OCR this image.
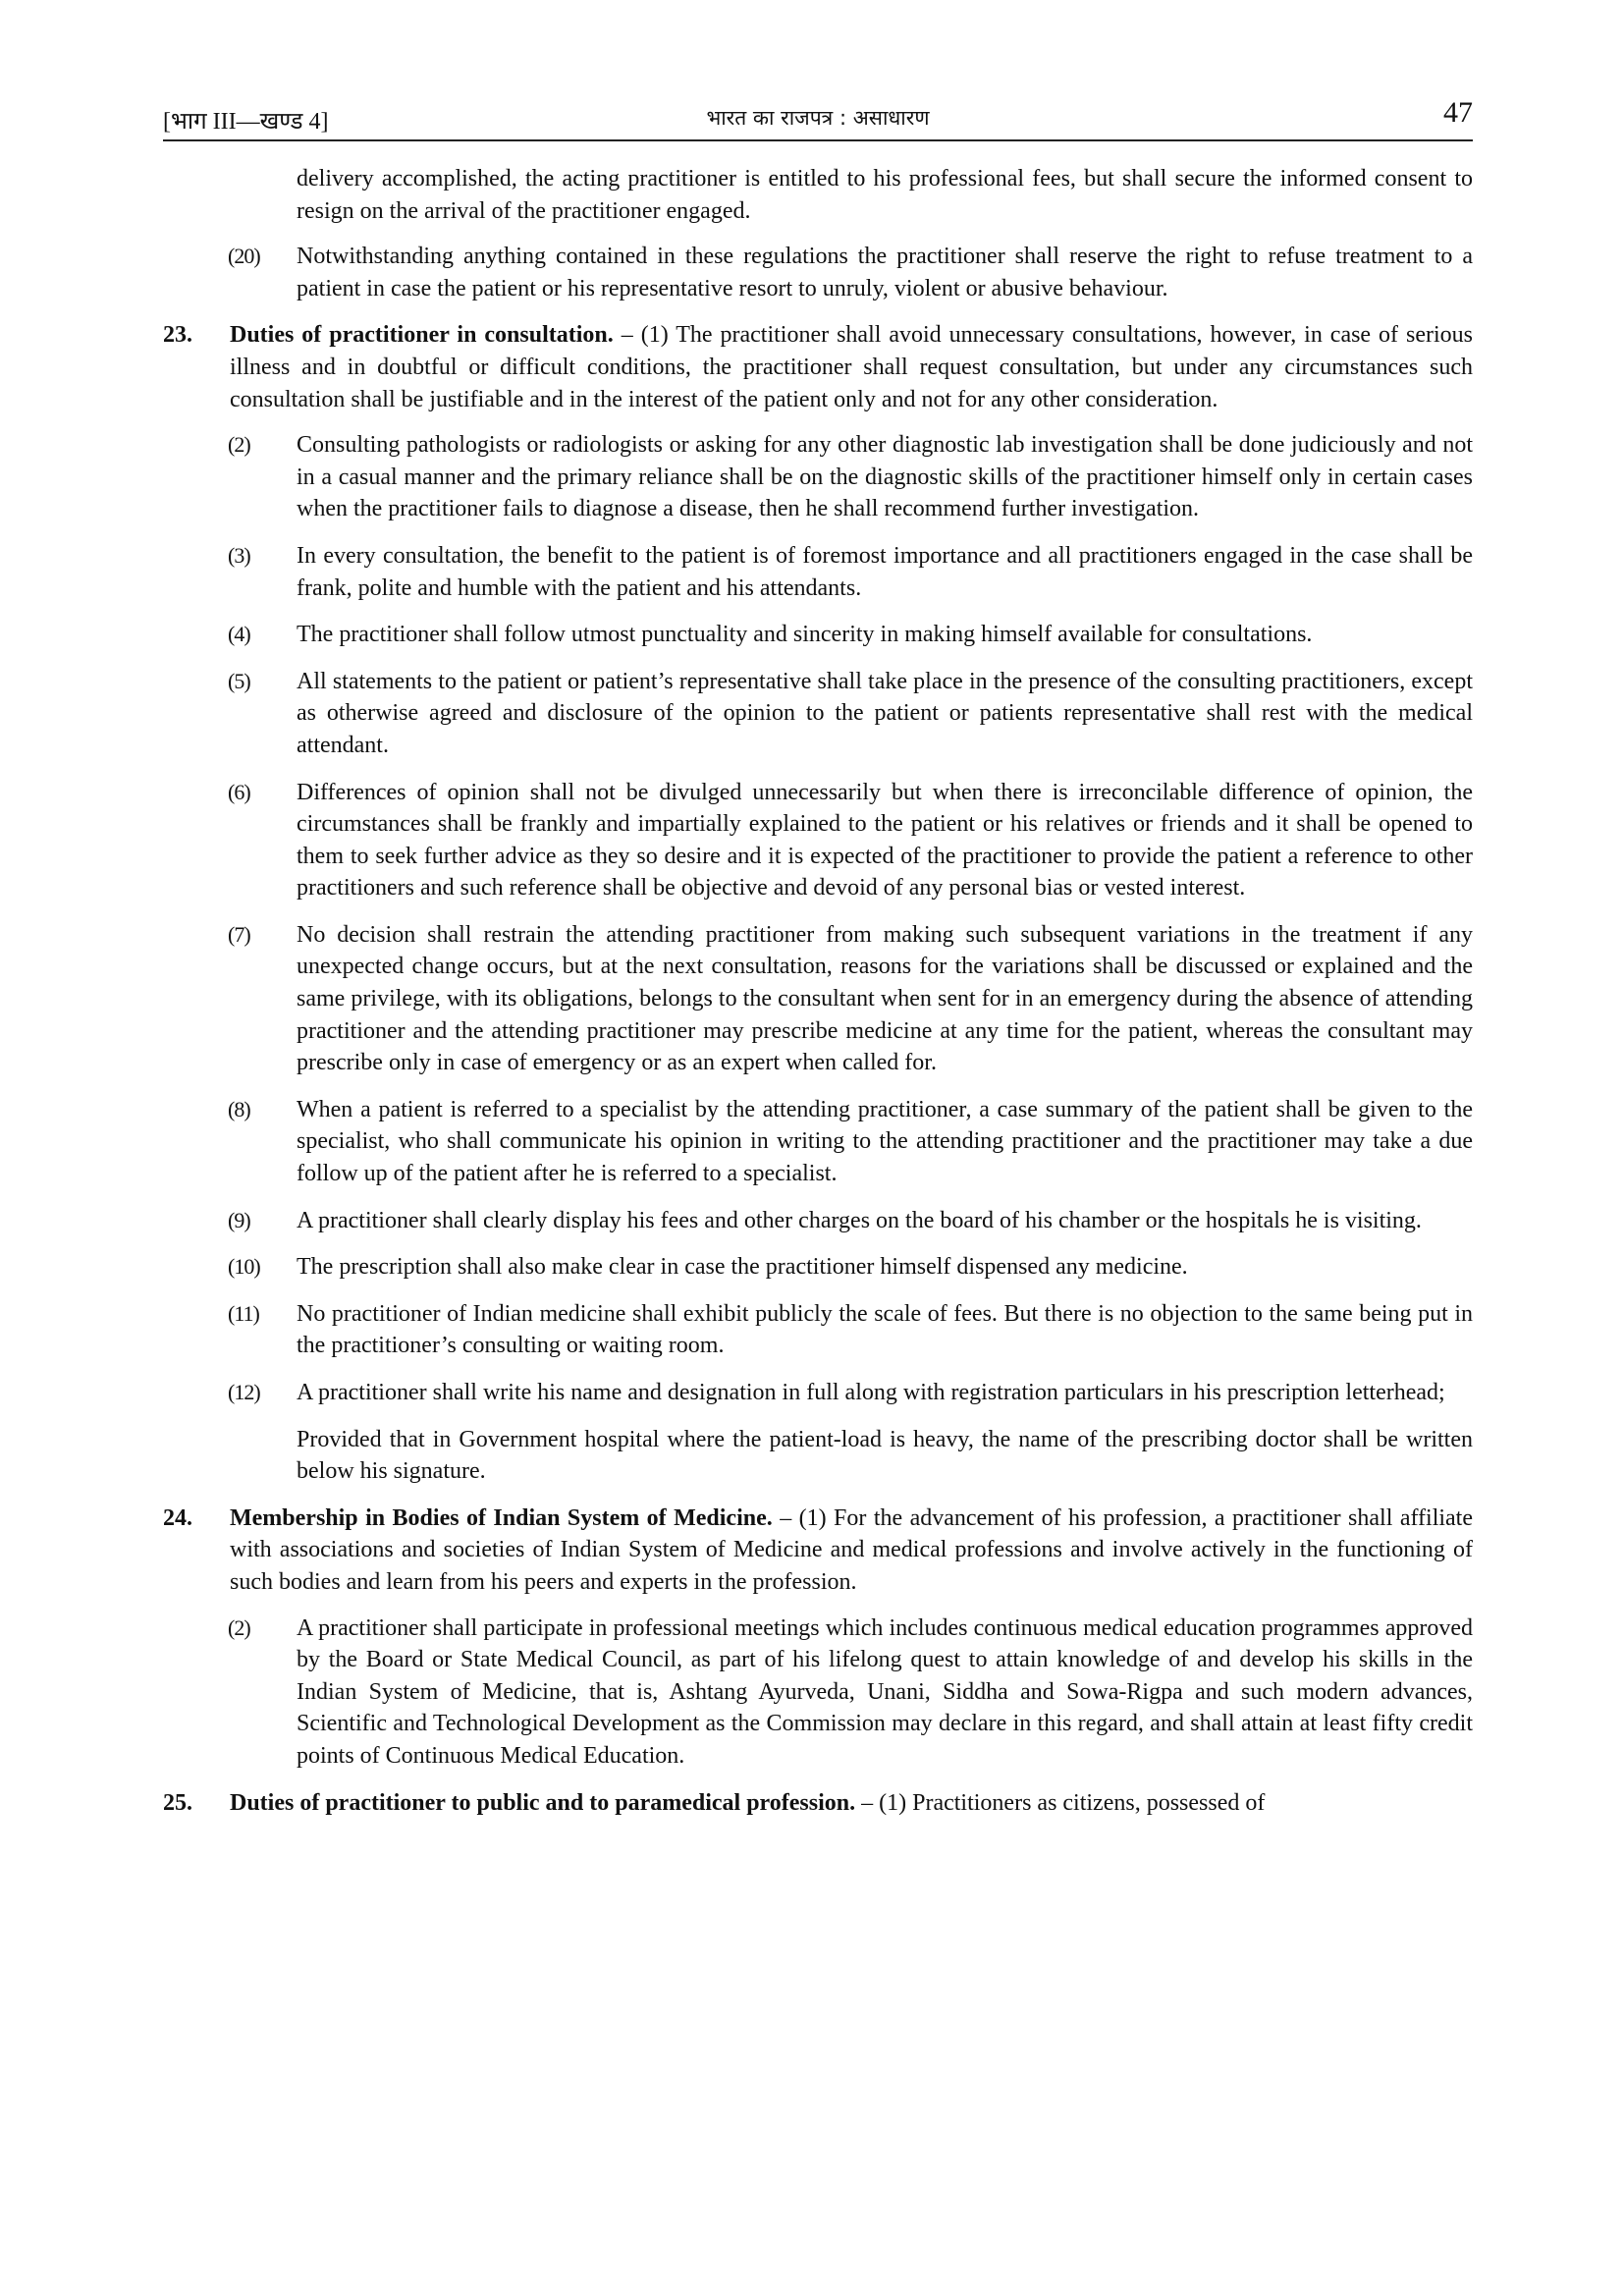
[भाग III—खण्ड 4]	भारत का राजपत्र : असाधारण	47

delivery accomplished, the acting practitioner is entitled to his professional fees, but shall secure the informed consent to resign on the arrival of the practitioner engaged.

(20) Notwithstanding anything contained in these regulations the practitioner shall reserve the right to refuse treatment to a patient in case the patient or his representative resort to unruly, violent or abusive behaviour.

23. Duties of practitioner in consultation. – (1) The practitioner shall avoid unnecessary consultations, however, in case of serious illness and in doubtful or difficult conditions, the practitioner shall request consultation, but under any circumstances such consultation shall be justifiable and in the interest of the patient only and not for any other consideration.

(2) Consulting pathologists or radiologists or asking for any other diagnostic lab investigation shall be done judiciously and not in a casual manner and the primary reliance shall be on the diagnostic skills of the practitioner himself only in certain cases when the practitioner fails to diagnose a disease, then he shall recommend further investigation.

(3) In every consultation, the benefit to the patient is of foremost importance and all practitioners engaged in the case shall be frank, polite and humble with the patient and his attendants.

(4) The practitioner shall follow utmost punctuality and sincerity in making himself available for consultations.

(5) All statements to the patient or patient’s representative shall take place in the presence of the consulting practitioners, except as otherwise agreed and disclosure of the opinion to the patient or patients representative shall rest with the medical attendant.

(6) Differences of opinion shall not be divulged unnecessarily but when there is irreconcilable difference of opinion, the circumstances shall be frankly and impartially explained to the patient or his relatives or friends and it shall be opened to them to seek further advice as they so desire and it is expected of the practitioner to provide the patient a reference to other practitioners and such reference shall be objective and devoid of any personal bias or vested interest.

(7) No decision shall restrain the attending practitioner from making such subsequent variations in the treatment if any unexpected change occurs, but at the next consultation, reasons for the variations shall be discussed or explained and the same privilege, with its obligations, belongs to the consultant when sent for in an emergency during the absence of attending practitioner and the attending practitioner may prescribe medicine at any time for the patient, whereas the consultant may prescribe only in case of emergency or as an expert when called for.

(8) When a patient is referred to a specialist by the attending practitioner, a case summary of the patient shall be given to the specialist, who shall communicate his opinion in writing to the attending practitioner and the practitioner may take a due follow up of the patient after he is referred to a specialist.

(9) A practitioner shall clearly display his fees and other charges on the board of his chamber or the hospitals he is visiting.

(10) The prescription shall also make clear in case the practitioner himself dispensed any medicine.

(11) No practitioner of Indian medicine shall exhibit publicly the scale of fees. But there is no objection to the same being put in the practitioner’s consulting or waiting room.

(12) A practitioner shall write his name and designation in full along with registration particulars in his prescription letterhead;

Provided that in Government hospital where the patient-load is heavy, the name of the prescribing doctor shall be written below his signature.

24. Membership in Bodies of Indian System of Medicine. – (1) For the advancement of his profession, a practitioner shall affiliate with associations and societies of Indian System of Medicine and medical professions and involve actively in the functioning of such bodies and learn from his peers and experts in the profession.

(2) A practitioner shall participate in professional meetings which includes continuous medical education programmes approved by the Board or State Medical Council, as part of his lifelong quest to attain knowledge of and develop his skills in the Indian System of Medicine, that is, Ashtang Ayurveda, Unani, Siddha and Sowa-Rigpa and such modern advances, Scientific and Technological Development as the Commission may declare in this regard, and shall attain at least fifty credit points of Continuous Medical Education.

25. Duties of practitioner to public and to paramedical profession. – (1) Practitioners as citizens, possessed of
